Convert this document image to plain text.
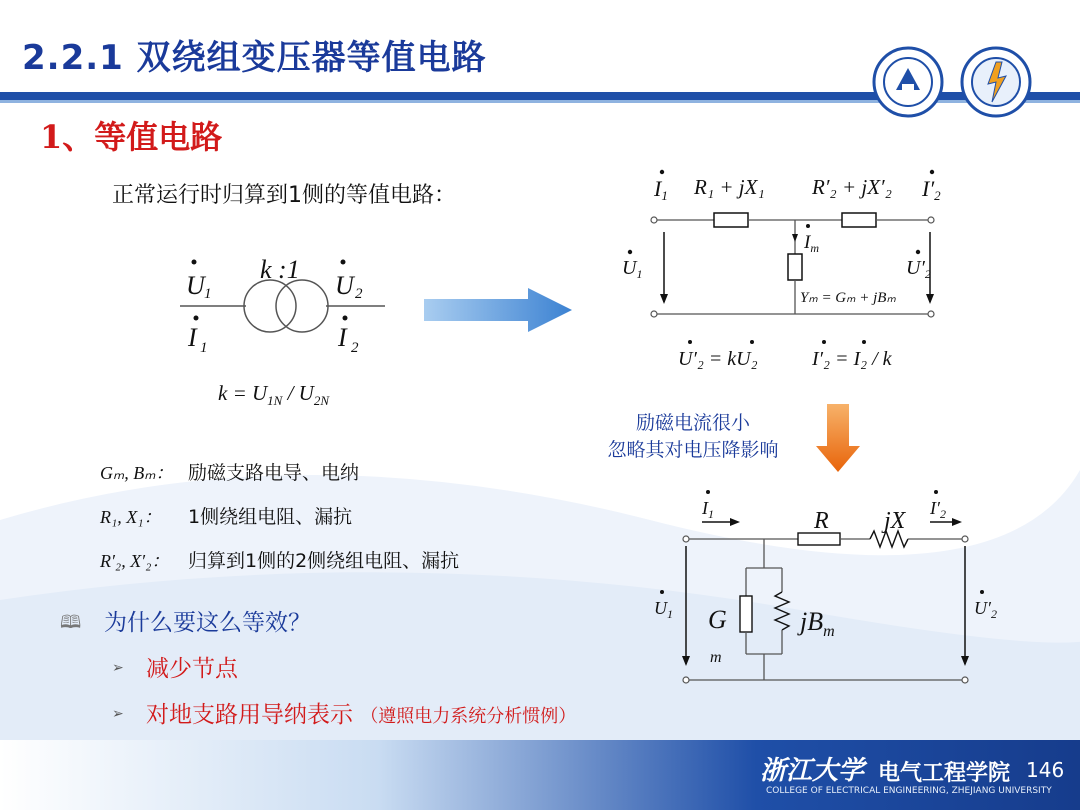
2.2.1 双绕组变压器等值电路
1、等值电路
正常运行时归算到1侧的等值电路：
k :1
U 1	U 2
I 1	I 2
$k = U_{1N} / U_{2N}$
I1 R₁ + jX₁ R′₂ + jX′₂ I′2
$I_m$
$U_1$	$U'_2$
Yₘ = Gₘ + jBₘ
U′₂ = kU₂	I′₂ = I₂ / k
励磁电流很小
忽略其对电压降影响
$I_1$	R jX $I'_2$
$U_1$	$U'_2$
G
m
$jB_m$
Gₘ, Bₘ： 励磁支路电导、电纳
R₁, X₁： 1侧绕组电阻、漏抗
R′₂, X′₂： 归算到1侧的2侧绕组电阻、漏抗
🕮 为什么要这么等效？
➢ 减少节点
➢ 对地支路用导纳表示 （遵照电力系统分析惯例）
浙江大学 电气工程学院
COLLEGE OF ELECTRICAL ENGINEERING, ZHEJIANG UNIVERSITY
146
